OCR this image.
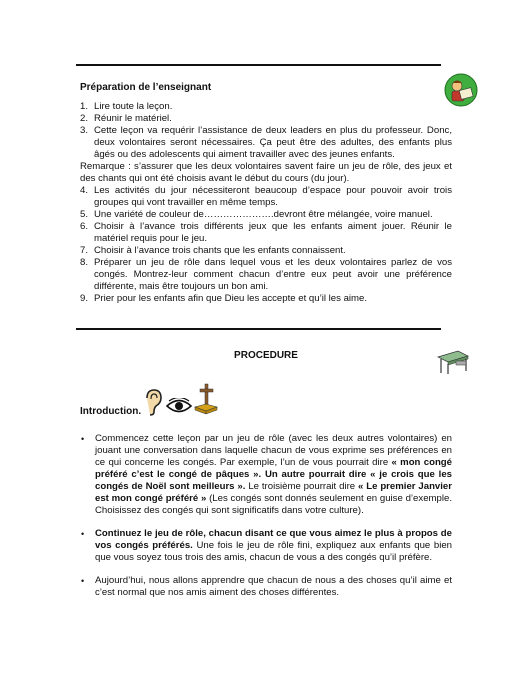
Préparation de l’enseignant
1. Lire toute la leçon.
2. Réunir le matériel.
3. Cette leçon va requérir l’assistance de deux leaders en plus du professeur. Donc, deux volontaires seront nécessaires. Ça peut être des adultes, des enfants plus âgés ou des adolescents qui aiment travailler avec des jeunes enfants.
Remarque : s’assurer que les deux volontaires savent faire un jeu de rôle, des jeux et des chants qui ont été choisis avant le début du cours (du jour).
4. Les activités du jour nécessiteront beaucoup d’espace pour pouvoir avoir trois groupes qui vont travailler en même temps.
5. Une variété de couleur de………………….devront être mélangée, voire manuel.
6. Choisir à l’avance trois différents jeux que les enfants aiment jouer. Réunir le matériel requis pour le jeu.
7. Choisir à l’avance trois chants que les enfants connaissent.
8. Préparer un jeu de rôle dans lequel vous et les deux volontaires parlez de vos congés. Montrez-leur comment chacun d’entre eux peut avoir une préférence différente, mais être toujours un bon ami.
9. Prier pour les enfants afin que Dieu les accepte et qu’il les aime.
PROCEDURE
Introduction.
•	Commencez cette leçon par un jeu de rôle (avec les deux autres volontaires) en jouant une conversation dans laquelle chacun de vous exprime ses préférences en ce qui concerne les congés. Par exemple, l’un de vous pourrait dire « mon congé préféré c’est le congé de pâques ». Un autre pourrait dire « je crois que les congés de Noël sont meilleurs ». Le troisième pourrait dire « Le premier Janvier est mon congé préféré » (Les congés sont donnés seulement en guise d’exemple. Choisissez des congés qui sont significatifs dans votre culture).
•	Continuez le jeu de rôle, chacun disant ce que vous aimez le plus à propos de vos congés préférés. Une fois le jeu de rôle fini, expliquez aux enfants que bien que vous soyez tous trois des amis, chacun de vous a des congés qu’il préfère.
•	Aujourd’hui, nous allons apprendre que chacun de nous a des choses qu’il aime et c’est normal que nos amis aiment des choses différentes.
